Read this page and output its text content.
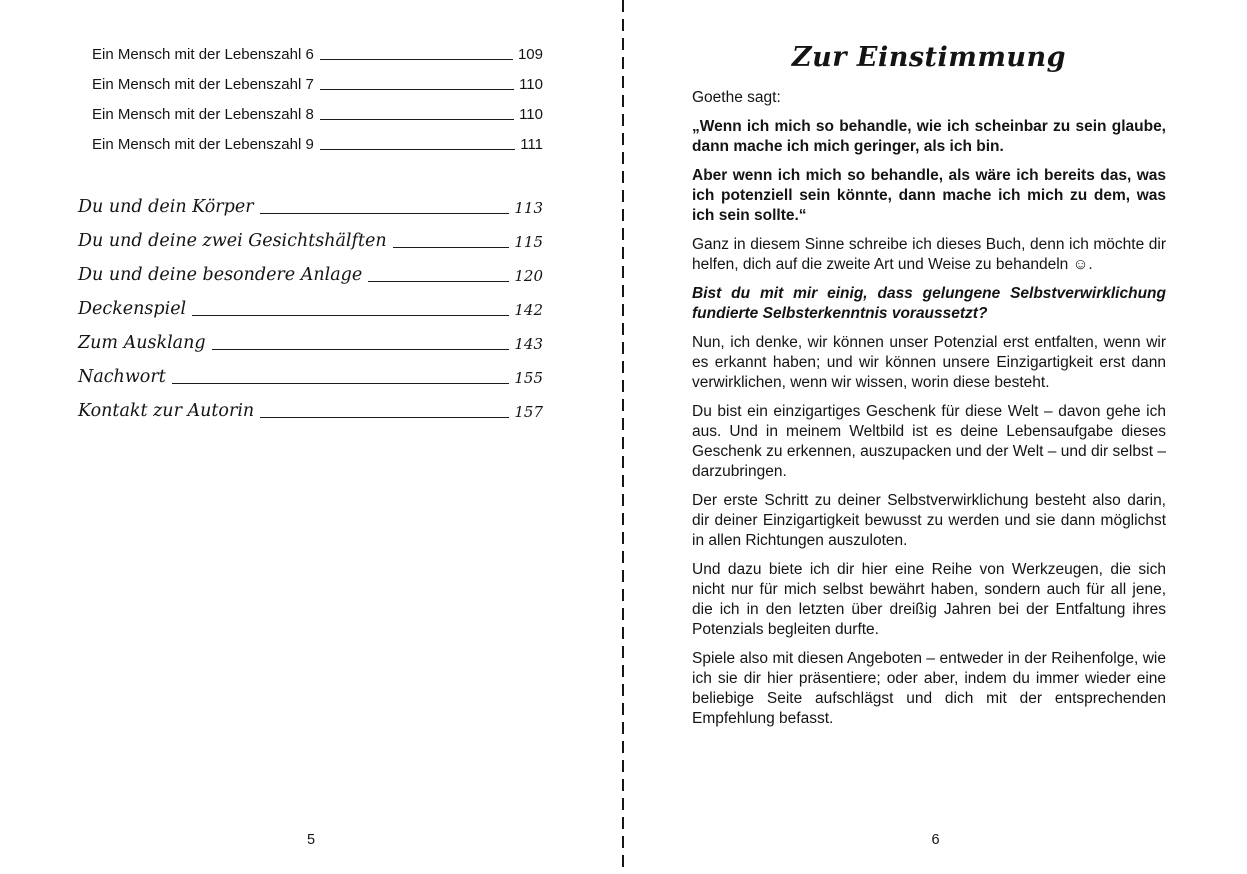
Ein Mensch mit der Lebenszahl 6	109
Ein Mensch mit der Lebenszahl 7	110
Ein Mensch mit der Lebenszahl 8	110
Ein Mensch mit der Lebenszahl 9	111
Du und dein Körper	113
Du und deine zwei Gesichtshälften	115
Du und deine besondere Anlage	120
Deckenspiel	142
Zum Ausklang	143
Nachwort	155
Kontakt zur Autorin	157
5
Zur Einstimmung

Goethe sagt:

„Wenn ich mich so behandle, wie ich scheinbar zu sein glaube, dann mache ich mich geringer, als ich bin.

Aber wenn ich mich so behandle, als wäre ich bereits das, was ich potenziell sein könnte, dann mache ich mich zu dem, was ich sein sollte.“

Ganz in diesem Sinne schreibe ich dieses Buch, denn ich möchte dir helfen, dich auf die zweite Art und Weise zu behandeln ☺.

Bist du mit mir einig, dass gelungene Selbstverwirklichung fundierte Selbsterkenntnis voraussetzt?

Nun, ich denke, wir können unser Potenzial erst entfalten, wenn wir es erkannt haben; und wir können unsere Einzigartigkeit erst dann verwirklichen, wenn wir wissen, worin diese besteht.

Du bist ein einzigartiges Geschenk für diese Welt – davon gehe ich aus. Und in meinem Weltbild ist es deine Lebensaufgabe dieses Geschenk zu erkennen, auszupacken und der Welt – und dir selbst – darzubringen.

Der erste Schritt zu deiner Selbstverwirklichung besteht also darin, dir deiner Einzigartigkeit bewusst zu werden und sie dann möglichst in allen Richtungen auszuloten.

Und dazu biete ich dir hier eine Reihe von Werkzeugen, die sich nicht nur für mich selbst bewährt haben, sondern auch für all jene, die ich in den letzten über dreißig Jahren bei der Entfaltung ihres Potenzials begleiten durfte.

Spiele also mit diesen Angeboten – entweder in der Reihenfolge, wie ich sie dir hier präsentiere; oder aber, indem du immer wieder eine beliebige Seite aufschlägst und dich mit der entsprechenden Empfehlung befasst.

6
